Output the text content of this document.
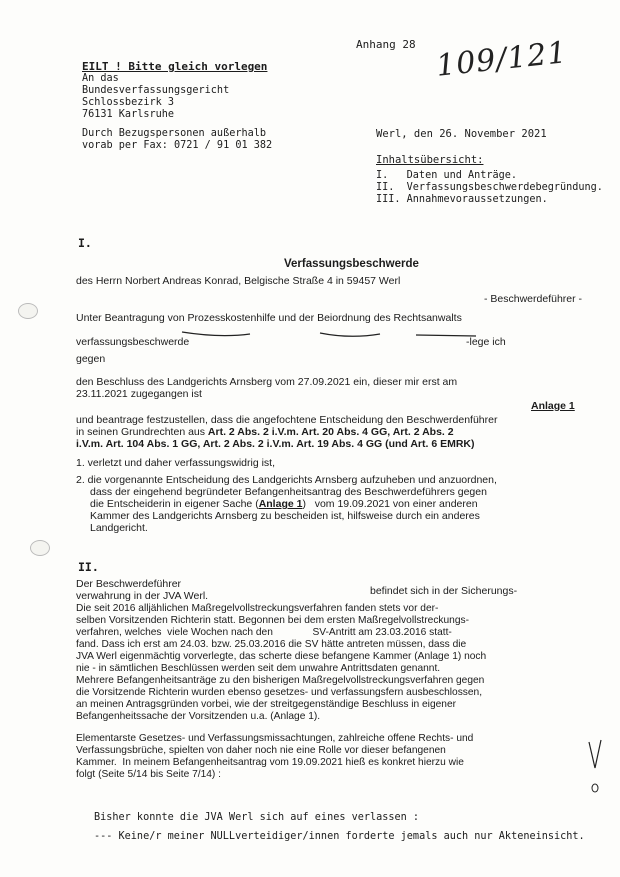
Anhang 28 109/121
EILT ! Bitte gleich vorlegen
An das
Bundesverfassungsgericht
Schlossbezirk 3
76131 Karlsruhe
Durch Bezugspersonen außerhalb
vorab per Fax: 0721 / 91 01 382
Werl, den 26. November 2021
Inhaltsübersicht:
I.   Daten und Anträge.
II.  Verfassungsbeschwerdebegründung.
III. Annahmevoraussetzungen.
I.
Verfassungsbeschwerde
des Herrn Norbert Andreas Konrad, Belgische Straße 4 in 59457 Werl
- Beschwerdeführer -
Unter Beantragung von Prozesskostenhilfe und der Beiordnung des Rechtsanwalts
verfassungsbeschwerde	-lege ich
gegen
den Beschluss des Landgerichts Arnsberg vom 27.09.2021 ein, dieser mir erst am
23.11.2021 zugegangen ist
Anlage 1
und beantrage festzustellen, dass die angefochtene Entscheidung den Beschwerdenführer
in seinen Grundrechten aus Art. 2 Abs. 2 i.V.m. Art. 20 Abs. 4 GG, Art. 2 Abs. 2
i.V.m. Art. 104 Abs. 1 GG, Art. 2 Abs. 2 i.V.m. Art. 19 Abs. 4 GG (und Art. 6 EMRK)
1. verletzt und daher verfassungswidrig ist,
2. die vorgenannte Entscheidung des Landgerichts Arnsberg aufzuheben und anzuordnen,
dass der eingehend begründeter Befangenheitsantrag des Beschwerdeführers gegen
die Entscheiderin in eigener Sache (Anlage 1)   vom 19.09.2021 von einer anderen
Kammer des Landgerichts Arnsberg zu bescheiden ist, hilfsweise durch ein anderes
Landgericht.
II.
Der Beschwerdeführer
befindet sich in der Sicherungs-
verwahrung in der JVA Werl.
Die seit 2016 alljählichen Maßregelvollstreckungsverfahren fanden stets vor der-
selben Vorsitzenden Richterin statt. Begonnen bei dem ersten Maßregelvollstreckungs-
verfahren, welches  viele Wochen nach den              SV-Antritt am 23.03.2016 statt-
fand. Dass ich erst am 24.03. bzw. 25.03.2016 die SV hätte antreten müssen, dass die
JVA Werl eigenmächtig vorverlegte, das scherte diese befangene Kammer (Anlage 1) noch
nie - in sämtlichen Beschlüssen werden seit dem unwahre Antrittsdaten genannt.
Mehrere Befangenheitsanträge zu den bisherigen Maßregelvollstreckungsverfahren gegen
die Vorsitzende Richterin wurden ebenso gesetzes- und verfassungsfern ausbeschlossen,
an meinen Antragsgründen vorbei, wie der streitgegenständige Beschluss in eigener
Befangenheitssache der Vorsitzenden u.a. (Anlage 1).
Elementarste Gesetzes- und Verfassungsmissachtungen, zahlreiche offene Rechts- und
Verfassungsbrüche, spielten von daher noch nie eine Rolle vor dieser befangenen
Kammer.  In meinem Befangenheitsantrag vom 19.09.2021 hieß es konkret hierzu wie
folgt (Seite 5/14 bis Seite 7/14) :
Bisher konnte die JVA Werl sich auf eines verlassen :
--- Keine/r meiner NULLverteidiger/innen forderte jemals auch nur Akteneinsicht.
